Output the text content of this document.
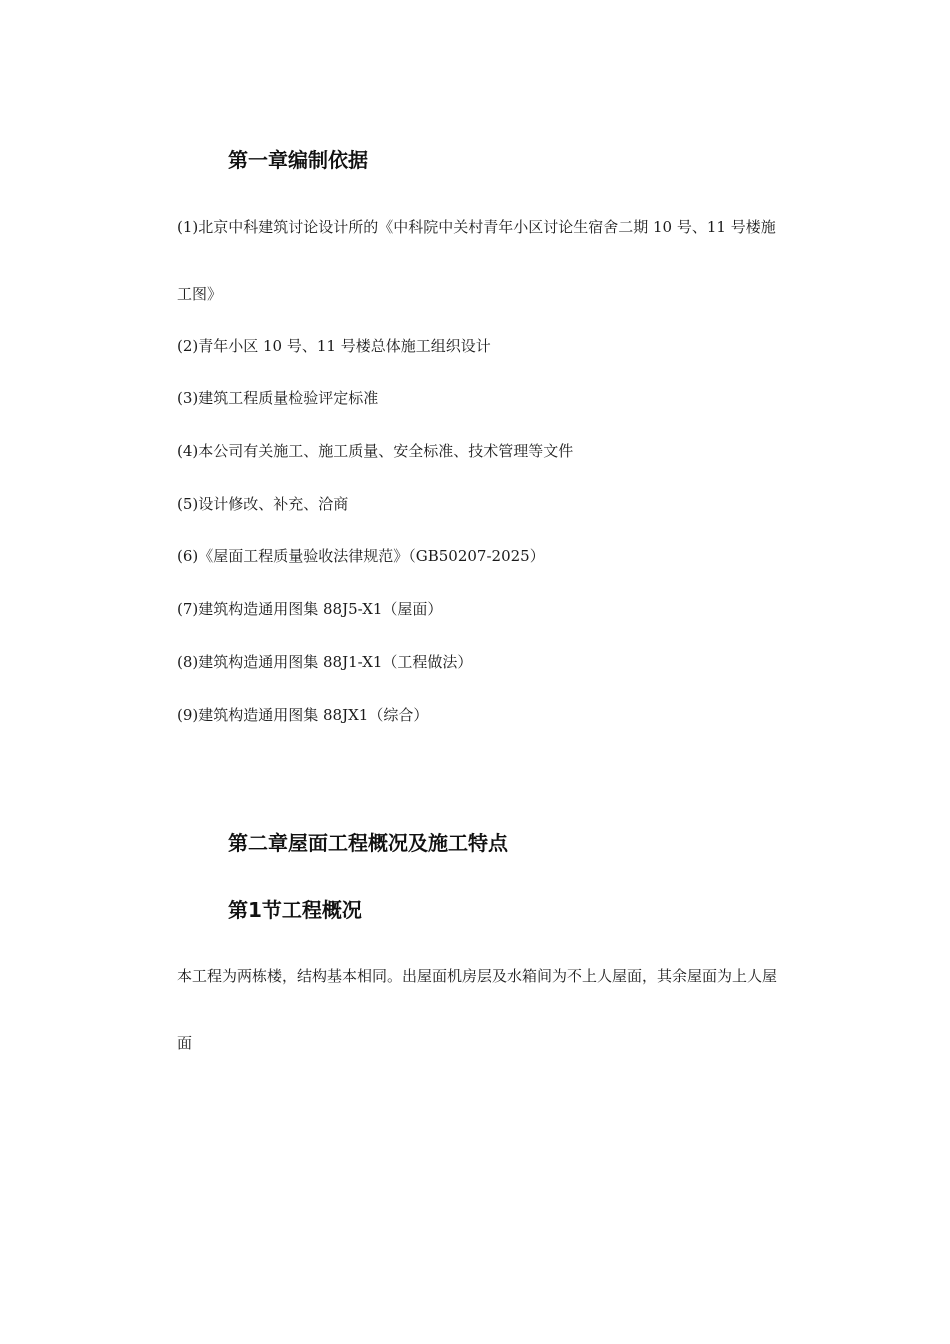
第一章编制依据
(1)北京中科建筑讨论设计所的《中科院中关村青年小区讨论生宿舍二期 10 号、11 号楼施
工图》
(2)青年小区 10 号、11 号楼总体施工组织设计
(3)建筑工程质量检验评定标准
(4)本公司有关施工、施工质量、安全标准、技术管理等文件
(5)设计修改、补充、洽商
(6)《屋面工程质量验收法律规范》（GB50207-2025）
(7)建筑构造通用图集 88J5-X1（屋面）
(8)建筑构造通用图集 88J1-X1（工程做法）
(9)建筑构造通用图集 88JX1（综合）
第二章屋面工程概况及施工特点
第1节工程概况
本工程为两栋楼，结构基本相同。出屋面机房层及水箱间为不上人屋面，其余屋面为上人屋
面
